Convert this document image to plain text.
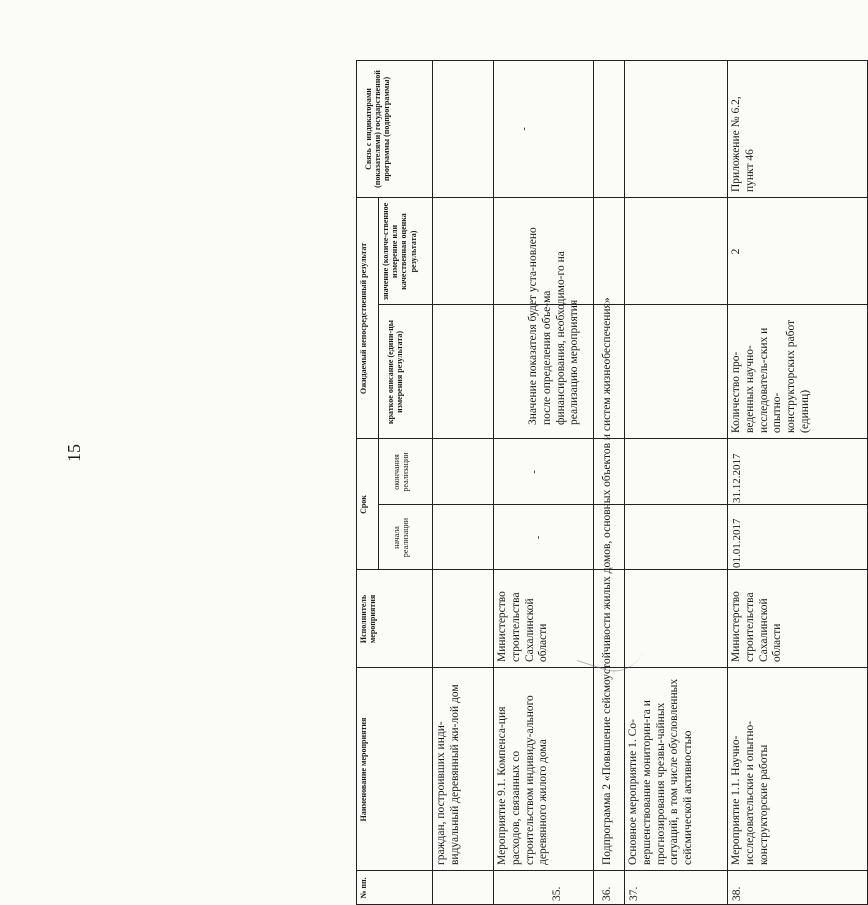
15
№ пп.
Наименование мероприятия
Исполнитель мероприятия
Срок
начала реализации
окончания реализации
Ожидаемый непосредственный результат	краткое описание (едини-цы измерения результата)
значение (количе-ственное измерение или качественная оценка результата)
Связь с индикаторами (показателями) государственной программы (подпрограммы)
граждан, построивших инди-видуальный деревянный жи-лой дом
35.
Мероприятие 9.1. Компенса-ция расходов, связанных со строительством индивиду-ального деревянного жилого дома
Министерство строительства Сахалинской области
-
-
Значение показателя будет уста-новлено после определения объе-ма финансирования, необходимо-го на реализацию мероприятия
-
36.
Подпрограмма 2 «Повышение сейсмоустойчивости жилых домов, основных объектов и систем жизнеобеспечения»
37.
Основное мероприятие 1. Со-вершенствование мониторин-га и прогнозирования чрезвы-чайных ситуаций, в том числе обусловленных сейсмической активностью
38.
Мероприятие 1.1. Научно-исследовательские и опытно-конструкторские работы
Министерство строительства Сахалинской области
01.01.2017
31.12.2017
Количество про-веденных научно-исследователь-ских и опытно-конструкторских работ (единиц)
2
Приложение № 6.2, пункт 46
